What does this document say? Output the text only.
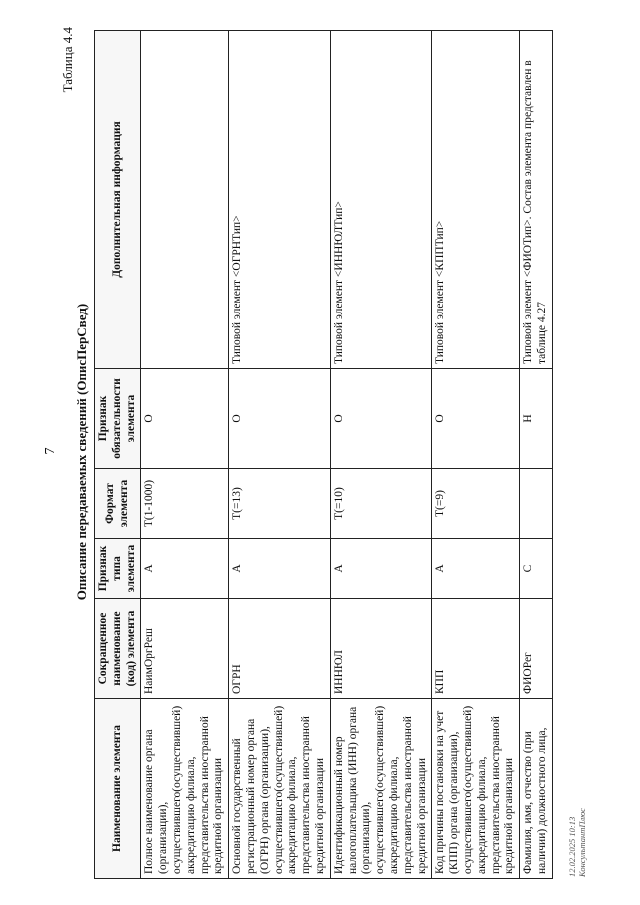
7
Таблица 4.4
Описание передаваемых сведений (ОписПерСвед)
Наименование элемента	Сокращенное наименование (код) элемента	Признак типа элемента	Формат элемента	Признак обязательности элемента	Дополнительная информация
Полное наименование органа (организации), осуществившего(осуществившей) аккредитацию филиала, представительства иностранной кредитной организации	НаимОргРеш	А	T(1-1000)	О	
Основной государственный регистрационный номер органа (ОГРН) органа (организации), осуществившего(осуществившей) аккредитацию филиала, представительства иностранной кредитной организации	ОГРН	А	T(=13)	О	Типовой элемент <ОГРНТип>
Идентификационный номер налогоплательщика (ИНН) органа (организации), осуществившего(осуществившей) аккредитацию филиала, представительства иностранной кредитной организации	ИННЮЛ	А	T(=10)	О	Типовой элемент <ИННЮЛТип>
Код причины постановки на учет (КПП) органа (организации), осуществившего(осуществившей) аккредитацию филиала, представительства иностранной кредитной организации	КПП	А	T(=9)	О	Типовой элемент <КППТип>
Фамилия, имя, отчество (при наличии) должностного лица,	ФИОРег	С		Н	Типовой элемент <ФИОТип>. Состав элемента представлен в таблице 4.27
12.02.2025 10:13 КонсультантПлюс
